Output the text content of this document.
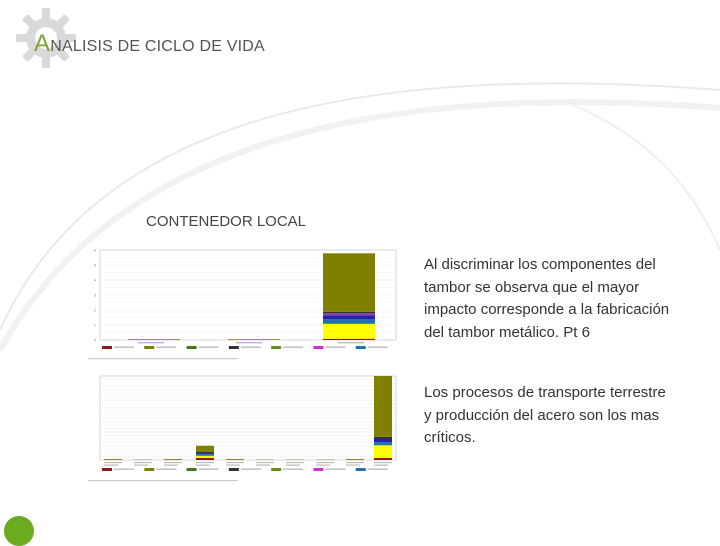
ANALISIS DE CICLO DE VIDA
CONTENEDOR LOCAL
6
5
4
3
2
1
0
Al discriminar los componentes del tambor se observa que el mayor impacto corresponde a la fabricación del tambor metálico. Pt 6
Los procesos de transporte terrestre y producción del acero son los mas críticos.
